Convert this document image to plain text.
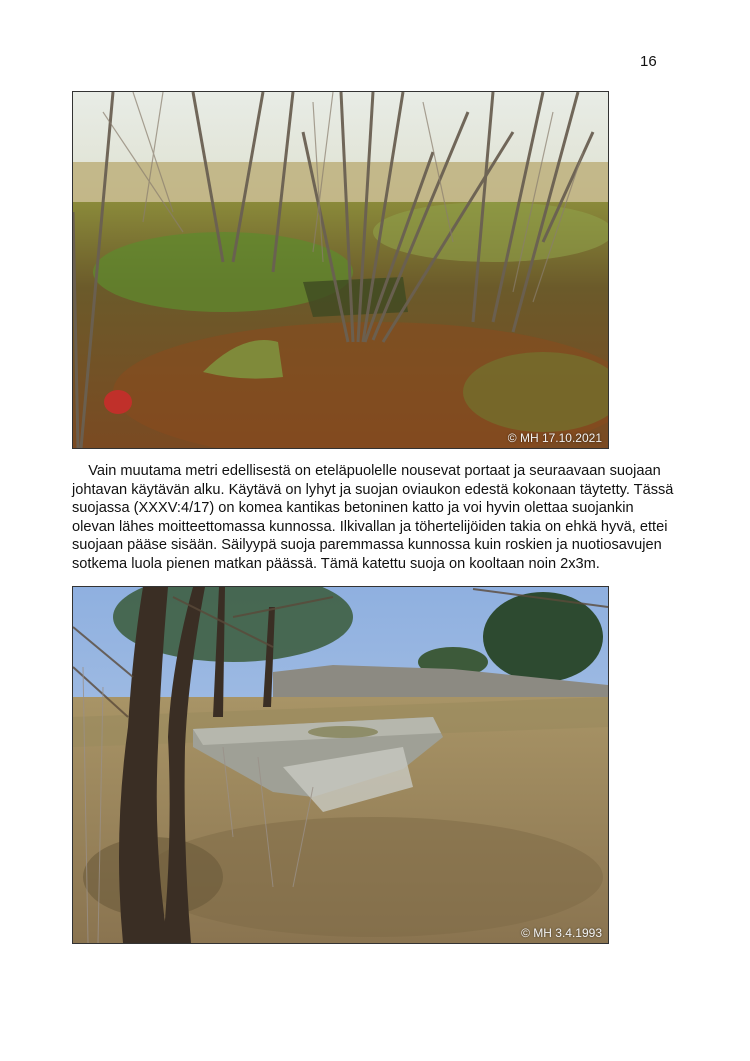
16
© MH 17.10.2021
Vain muutama metri edellisestä on eteläpuolelle nousevat portaat ja seuraavaan suojaan
johtavan käytävän alku. Käytävä on lyhyt ja suojan oviaukon edestä kokonaan täytetty. Tässä
suojassa (XXXV:4/17) on komea kantikas betoninen katto ja voi hyvin olettaa suojankin
olevan lähes moitteettomassa kunnossa. Ilkivallan ja töhertelijöiden takia on ehkä hyvä, ettei
suojaan pääse sisään. Säilyypä suoja paremmassa kunnossa kuin roskien ja nuotiosavujen
sotkema luola pienen matkan päässä. Tämä katettu suoja on kooltaan noin 2x3m.
© MH 3.4.1993
